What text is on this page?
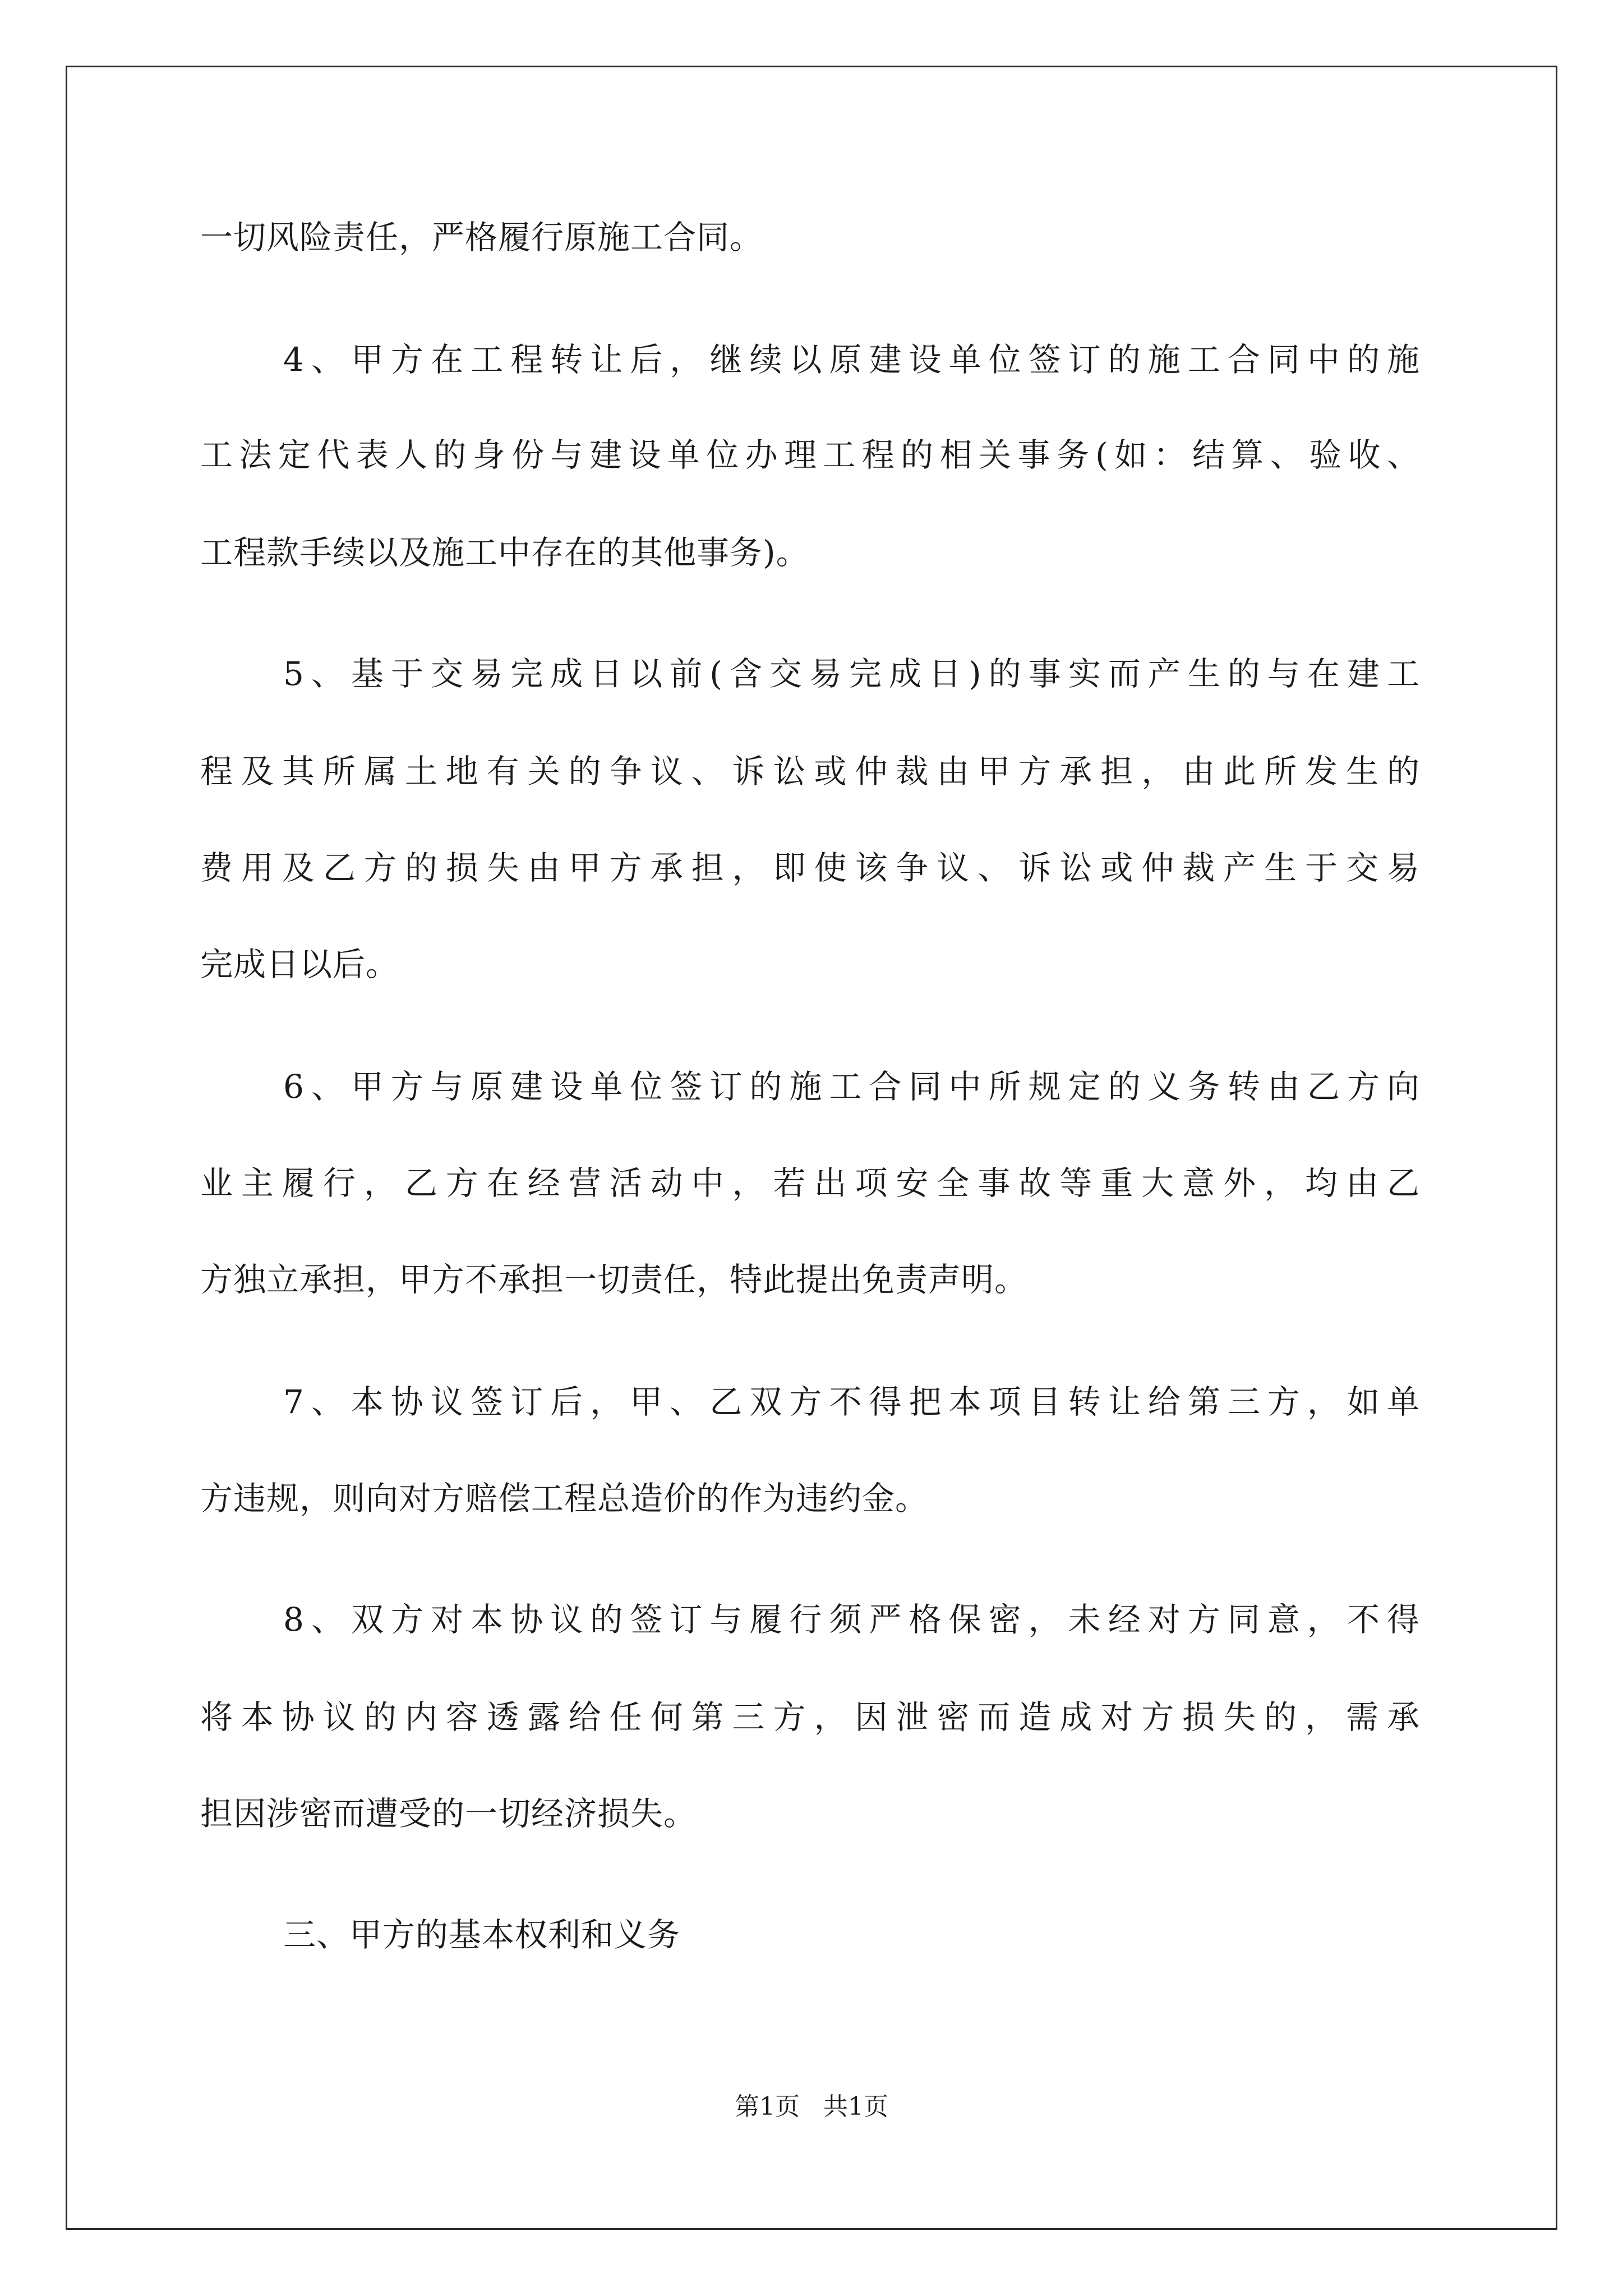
一切风险责任，严格履行原施工合同。
4、甲方在工程转让后，继续以原建设单位签订的施工合同中的施
工法定代表人的身份与建设单位办理工程的相关事务(如：结算、验收、
工程款手续以及施工中存在的其他事务)。
5、基于交易完成日以前(含交易完成日)的事实而产生的与在建工
程及其所属土地有关的争议、诉讼或仲裁由甲方承担，由此所发生的
费用及乙方的损失由甲方承担，即使该争议、诉讼或仲裁产生于交易
完成日以后。
6、甲方与原建设单位签订的施工合同中所规定的义务转由乙方向
业主履行，乙方在经营活动中，若出项安全事故等重大意外，均由乙
方独立承担，甲方不承担一切责任，特此提出免责声明。
7、本协议签订后，甲、乙双方不得把本项目转让给第三方，如单
方违规，则向对方赔偿工程总造价的作为违约金。
8、双方对本协议的签订与履行须严格保密，未经对方同意，不得
将本协议的内容透露给任何第三方，因泄密而造成对方损失的，需承
担因涉密而遭受的一切经济损失。
三、甲方的基本权利和义务
第1页   共1页
